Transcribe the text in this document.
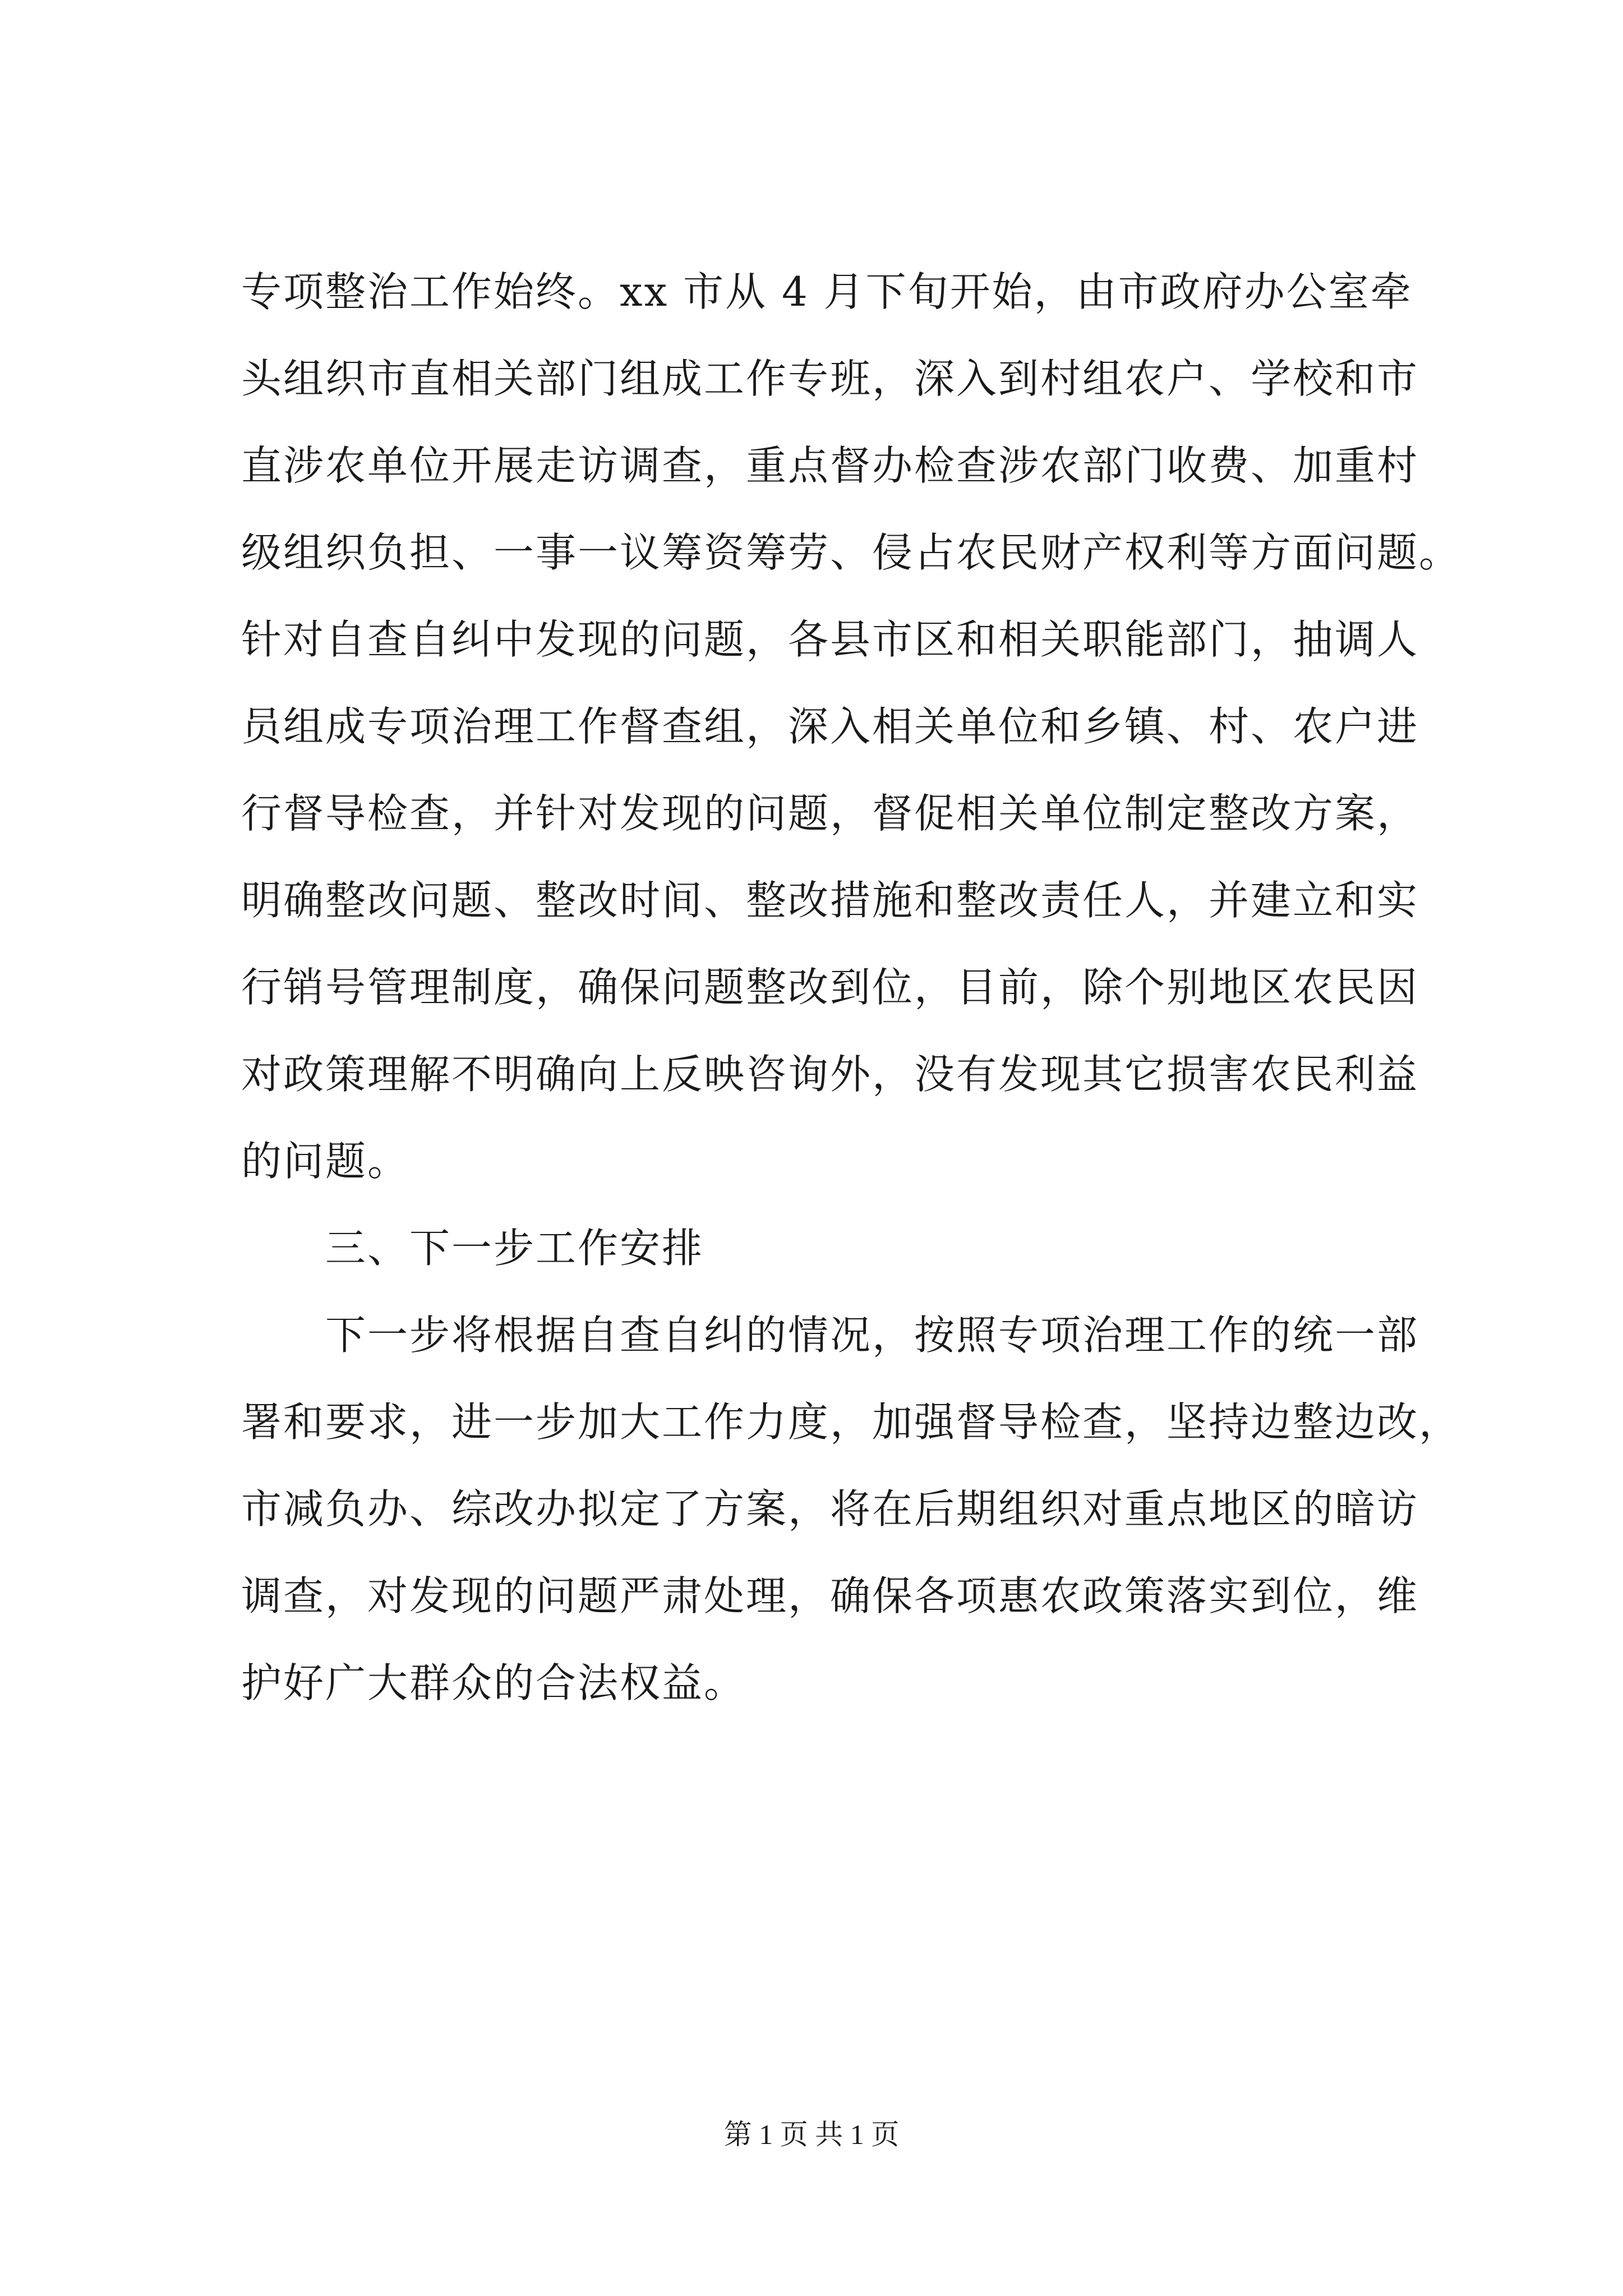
专项整治工作始终。xx 市从 4 月下旬开始，由市政府办公室牵
头组织市直相关部门组成工作专班，深入到村组农户、学校和市
直涉农单位开展走访调查，重点督办检查涉农部门收费、加重村
级组织负担、一事一议筹资筹劳、侵占农民财产权利等方面问题。
针对自查自纠中发现的问题，各县市区和相关职能部门，抽调人
员组成专项治理工作督查组，深入相关单位和乡镇、村、农户进
行督导检查，并针对发现的问题，督促相关单位制定整改方案，
明确整改问题、整改时间、整改措施和整改责任人，并建立和实
行销号管理制度，确保问题整改到位，目前，除个别地区农民因
对政策理解不明确向上反映咨询外，没有发现其它损害农民利益
的问题。
三、下一步工作安排
下一步将根据自查自纠的情况，按照专项治理工作的统一部
署和要求，进一步加大工作力度，加强督导检查，坚持边整边改，
市减负办、综改办拟定了方案，将在后期组织对重点地区的暗访
调查，对发现的问题严肃处理，确保各项惠农政策落实到位，维
护好广大群众的合法权益。
第 1 页 共 1 页
